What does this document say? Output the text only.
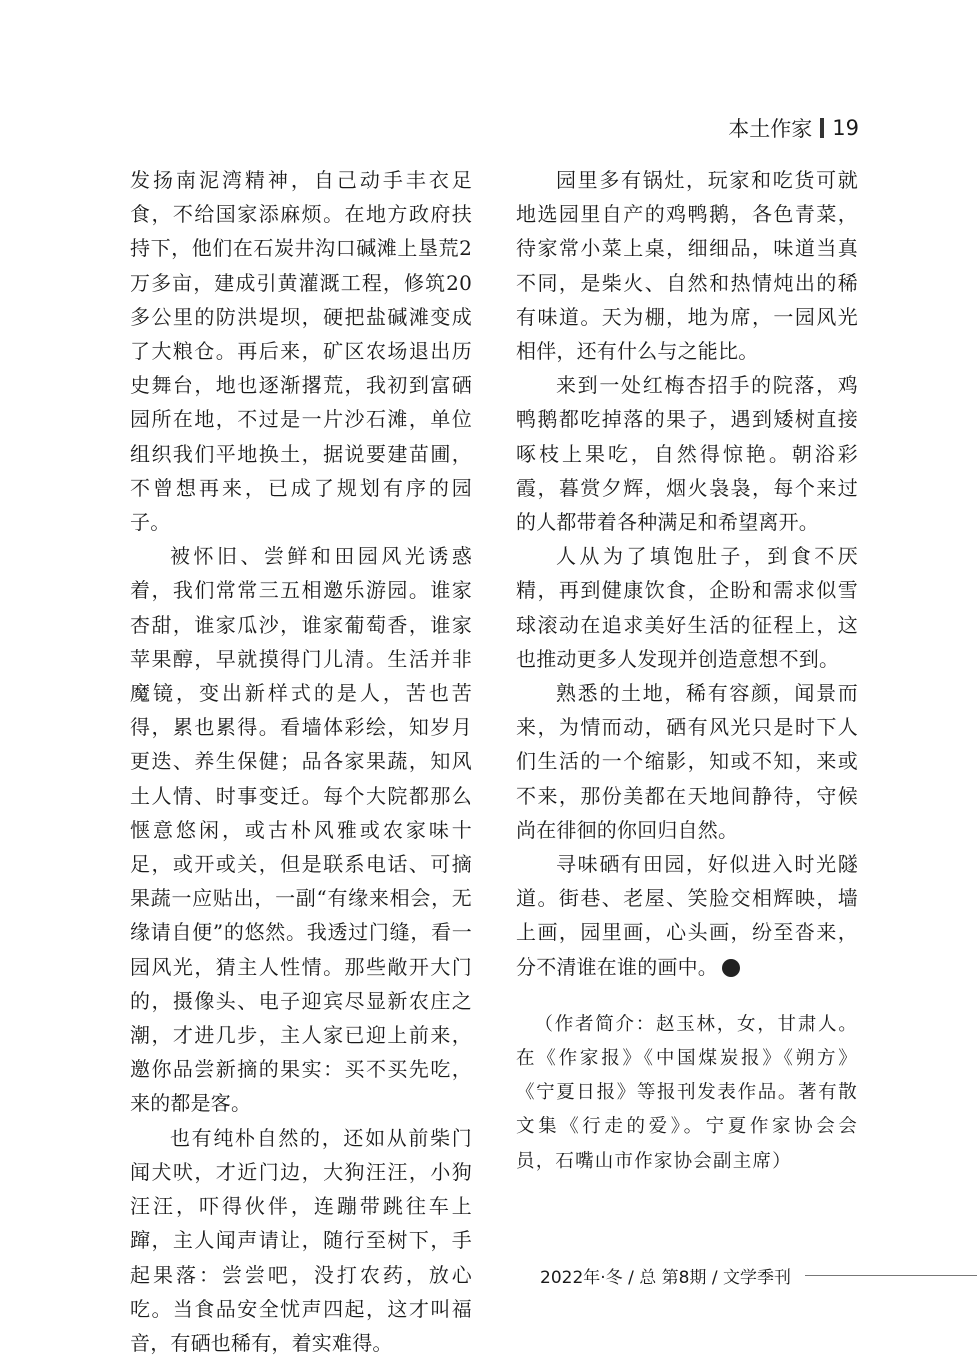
本土作家 19

发扬南泥湾精神，自己动手丰衣足食，不给国家添麻烦。在地方政府扶持下，他们在石炭井沟口碱滩上垦荒2万多亩，建成引黄灌溉工程，修筑20多公里的防洪堤坝，硬把盐碱滩变成了大粮仓。再后来，矿区农场退出历史舞台，地也逐渐撂荒，我初到富硒园所在地，不过是一片沙石滩，单位组织我们平地换土，据说要建苗圃，不曾想再来，已成了规划有序的园子。

被怀旧、尝鲜和田园风光诱惑着，我们常常三五相邀乐游园。谁家杏甜，谁家瓜沙，谁家葡萄香，谁家苹果醇，早就摸得门儿清。生活并非魔镜，变出新样式的是人，苦也苦得，累也累得。看墙体彩绘，知岁月更迭、养生保健；品各家果蔬，知风土人情、时事变迁。每个大院都那么惬意悠闲，或古朴风雅或农家味十足，或开或关，但是联系电话、可摘果蔬一应贴出，一副“有缘来相会，无缘请自便”的悠然。我透过门缝，看一园风光，猜主人性情。那些敞开大门的，摄像头、电子迎宾尽显新农庄之潮，才进几步，主人家已迎上前来，邀你品尝新摘的果实：买不买先吃，来的都是客。

也有纯朴自然的，还如从前柴门闻犬吠，才近门边，大狗汪汪，小狗汪汪，吓得伙伴，连蹦带跳往车上蹿，主人闻声请让，随行至树下，手起果落：尝尝吧，没打农药，放心吃。当食品安全忧声四起，这才叫福音，有硒也稀有，着实难得。

园里多有锅灶，玩家和吃货可就地选园里自产的鸡鸭鹅，各色青菜，待家常小菜上桌，细细品，味道当真不同，是柴火、自然和热情炖出的稀有味道。天为棚，地为席，一园风光相伴，还有什么与之能比。

来到一处红梅杏招手的院落，鸡鸭鹅都吃掉落的果子，遇到矮树直接啄枝上果吃，自然得惊艳。朝浴彩霞，暮赏夕辉，烟火袅袅，每个来过的人都带着各种满足和希望离开。

人从为了填饱肚子，到食不厌精，再到健康饮食，企盼和需求似雪球滚动在追求美好生活的征程上，这也推动更多人发现并创造意想不到。

熟悉的土地，稀有容颜，闻景而来，为情而动，硒有风光只是时下人们生活的一个缩影，知或不知，来或不来，那份美都在天地间静待，守候尚在徘徊的你回归自然。

寻味硒有田园，好似进入时光隧道。街巷、老屋、笑脸交相辉映，墙上画，园里画，心头画，纷至沓来，分不清谁在谁的画中。

（作者简介：赵玉林，女，甘肃人。在《作家报》《中国煤炭报》《朔方》《宁夏日报》等报刊发表作品。著有散文集《行走的爱》。宁夏作家协会会员，石嘴山市作家协会副主席）

2022年·冬 / 总 第8期 / 文学季刊
